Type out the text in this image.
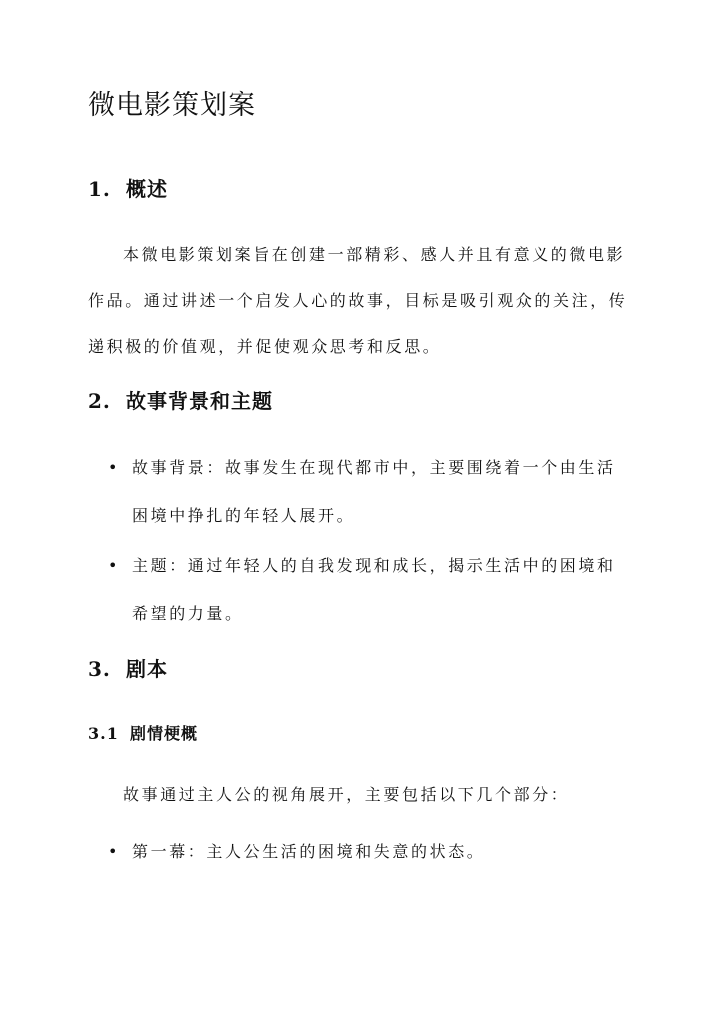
微电影策划案
1. 概述

本微电影策划案旨在创建一部精彩、感人并且有意义的微电影作品。通过讲述一个启发人心的故事，目标是吸引观众的关注，传递积极的价值观，并促使观众思考和反思。

2. 故事背景和主题

• 故事背景：故事发生在现代都市中，主要围绕着一个由生活困境中挣扎的年轻人展开。

• 主题：通过年轻人的自我发现和成长，揭示生活中的困境和希望的力量。

3. 剧本
3.1 剧情梗概

故事通过主人公的视角展开，主要包括以下几个部分：

• 第一幕：主人公生活的困境和失意的状态。
